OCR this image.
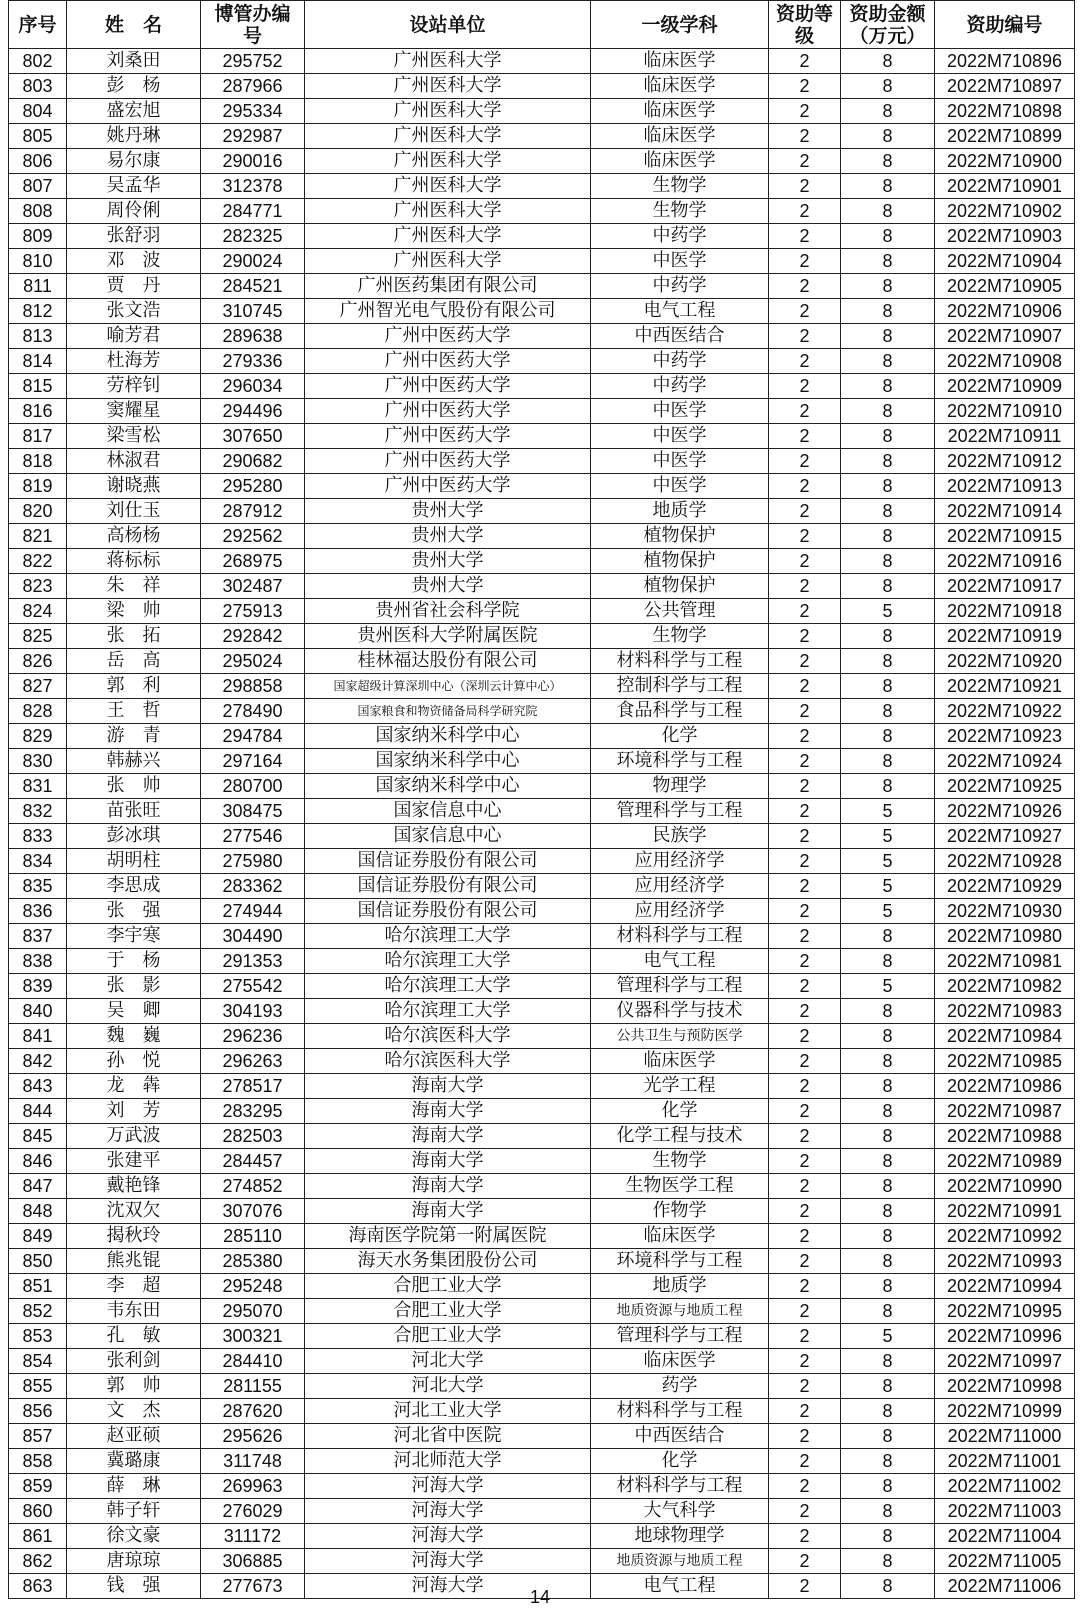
序号	姓　名	博管办编　号	设站单位	一级学科	资助等级	资助金额（万元）	资助编号
802	刘桑田	295752	广州医科大学	临床医学	2	8	2022M710896
803	彭　杨	287966	广州医科大学	临床医学	2	8	2022M710897
804	盛宏旭	295334	广州医科大学	临床医学	2	8	2022M710898
805	姚丹琳	292987	广州医科大学	临床医学	2	8	2022M710899
806	易尔康	290016	广州医科大学	临床医学	2	8	2022M710900
807	吴孟华	312378	广州医科大学	生物学	2	8	2022M710901
808	周伶俐	284771	广州医科大学	生物学	2	8	2022M710902
809	张舒羽	282325	广州医科大学	中药学	2	8	2022M710903
810	邓　波	290024	广州医科大学	中医学	2	8	2022M710904
811	贾　丹	284521	广州医药集团有限公司	中药学	2	8	2022M710905
812	张文浩	310745	广州智光电气股份有限公司	电气工程	2	8	2022M710906
813	喻芳君	289638	广州中医药大学	中西医结合	2	8	2022M710907
814	杜海芳	279336	广州中医药大学	中药学	2	8	2022M710908
815	劳梓钊	296034	广州中医药大学	中药学	2	8	2022M710909
816	窦耀星	294496	广州中医药大学	中医学	2	8	2022M710910
817	梁雪松	307650	广州中医药大学	中医学	2	8	2022M710911
818	林淑君	290682	广州中医药大学	中医学	2	8	2022M710912
819	谢晓燕	295280	广州中医药大学	中医学	2	8	2022M710913
820	刘仕玉	287912	贵州大学	地质学	2	8	2022M710914
821	高杨杨	292562	贵州大学	植物保护	2	8	2022M710915
822	蒋标标	268975	贵州大学	植物保护	2	8	2022M710916
823	朱　祥	302487	贵州大学	植物保护	2	8	2022M710917
824	梁　帅	275913	贵州省社会科学院	公共管理	2	5	2022M710918
825	张　拓	292842	贵州医科大学附属医院	生物学	2	8	2022M710919
826	岳　高	295024	桂林福达股份有限公司	材料科学与工程	2	8	2022M710920
827	郭　利	298858	国家超级计算深圳中心（深圳云计算中心）	控制科学与工程	2	8	2022M710921
828	王　哲	278490	国家粮食和物资储备局科学研究院	食品科学与工程	2	8	2022M710922
829	游　青	294784	国家纳米科学中心	化学	2	8	2022M710923
830	韩赫兴	297164	国家纳米科学中心	环境科学与工程	2	8	2022M710924
831	张　帅	280700	国家纳米科学中心	物理学	2	8	2022M710925
832	苗张旺	308475	国家信息中心	管理科学与工程	2	5	2022M710926
833	彭冰琪	277546	国家信息中心	民族学	2	5	2022M710927
834	胡明柱	275980	国信证券股份有限公司	应用经济学	2	5	2022M710928
835	李思成	283362	国信证券股份有限公司	应用经济学	2	5	2022M710929
836	张　强	274944	国信证券股份有限公司	应用经济学	2	5	2022M710930
837	李宇寒	304490	哈尔滨理工大学	材料科学与工程	2	8	2022M710980
838	于　杨	291353	哈尔滨理工大学	电气工程	2	8	2022M710981
839	张　影	275542	哈尔滨理工大学	管理科学与工程	2	5	2022M710982
840	吴　卿	304193	哈尔滨理工大学	仪器科学与技术	2	8	2022M710983
841	魏　巍	296236	哈尔滨医科大学	公共卫生与预防医学	2	8	2022M710984
842	孙　悦	296263	哈尔滨医科大学	临床医学	2	8	2022M710985
843	龙　犇	278517	海南大学	光学工程	2	8	2022M710986
844	刘　芳	283295	海南大学	化学	2	8	2022M710987
845	万武波	282503	海南大学	化学工程与技术	2	8	2022M710988
846	张建平	284457	海南大学	生物学	2	8	2022M710989
847	戴艳锋	274852	海南大学	生物医学工程	2	8	2022M710990
848	沈双欠	307076	海南大学	作物学	2	8	2022M710991
849	揭秋玲	285110	海南医学院第一附属医院	临床医学	2	8	2022M710992
850	熊兆锟	285380	海天水务集团股份公司	环境科学与工程	2	8	2022M710993
851	李　超	295248	合肥工业大学	地质学	2	8	2022M710994
852	韦东田	295070	合肥工业大学	地质资源与地质工程	2	8	2022M710995
853	孔　敏	300321	合肥工业大学	管理科学与工程	2	5	2022M710996
854	张利剑	284410	河北大学	临床医学	2	8	2022M710997
855	郭　帅	281155	河北大学	药学	2	8	2022M710998
856	文　杰	287620	河北工业大学	材料科学与工程	2	8	2022M710999
857	赵亚硕	295626	河北省中医院	中西医结合	2	8	2022M711000
858	冀璐康	311748	河北师范大学	化学	2	8	2022M711001
859	薛　琳	269963	河海大学	材料科学与工程	2	8	2022M711002
860	韩子轩	276029	河海大学	大气科学	2	8	2022M711003
861	徐文豪	311172	河海大学	地球物理学	2	8	2022M711004
862	唐琼琼	306885	河海大学	地质资源与地质工程	2	8	2022M711005
863	钱　强	277673	河海大学	电气工程	2	8	2022M711006
14
